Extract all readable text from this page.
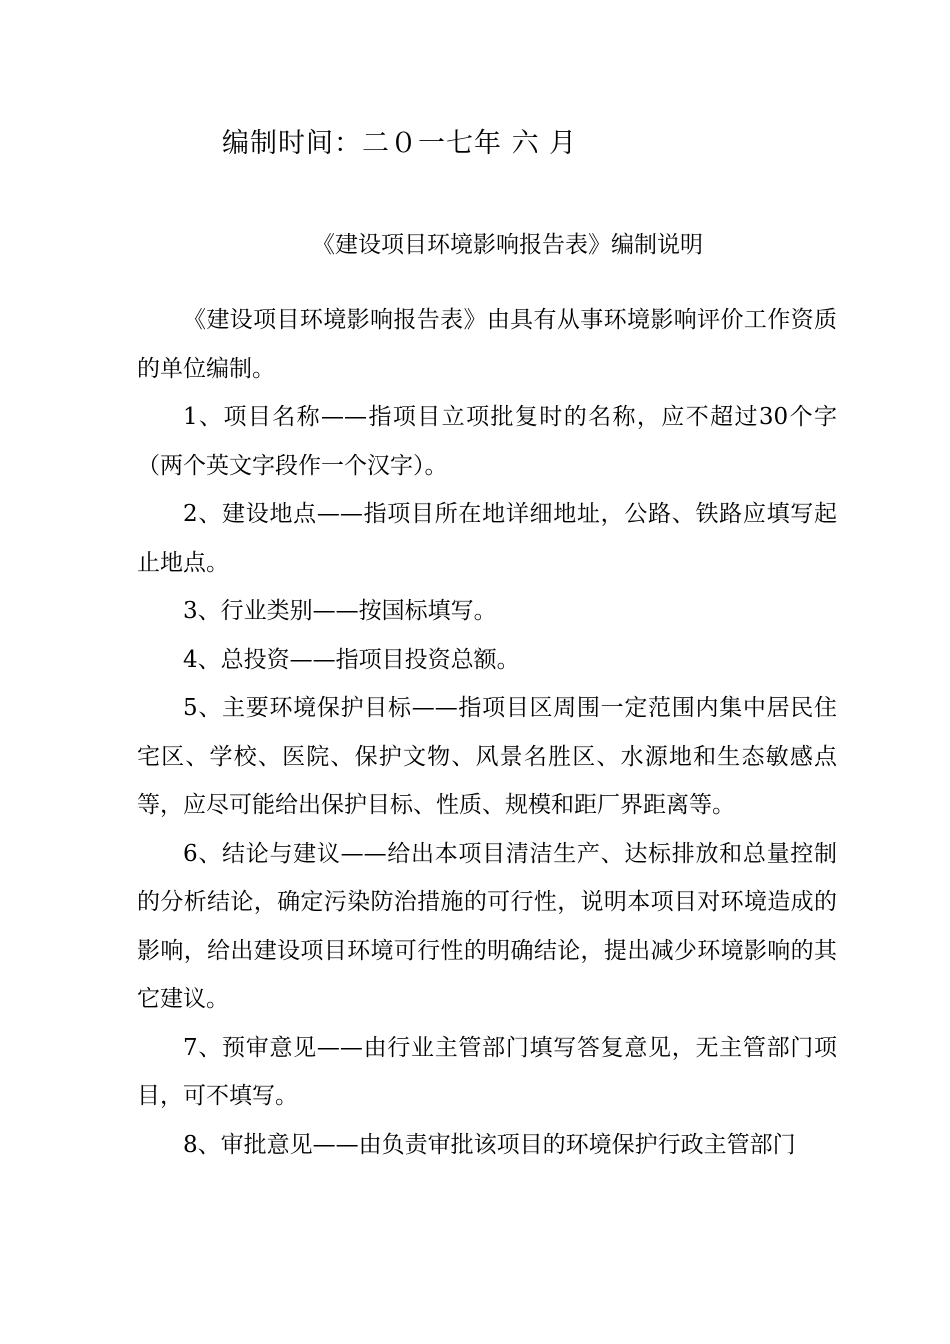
编制时间：二０一七年 六 月
《建设项目环境影响报告表》编制说明

《建设项目环境影响报告表》由具有从事环境影响评价工作资质的单位编制。

1、项目名称——指项目立项批复时的名称，应不超过30个字（两个英文字段作一个汉字）。

2、建设地点——指项目所在地详细地址，公路、铁路应填写起止地点。

3、行业类别——按国标填写。

4、总投资——指项目投资总额。

5、主要环境保护目标——指项目区周围一定范围内集中居民住宅区、学校、医院、保护文物、风景名胜区、水源地和生态敏感点等，应尽可能给出保护目标、性质、规模和距厂界距离等。

6、结论与建议——给出本项目清洁生产、达标排放和总量控制的分析结论，确定污染防治措施的可行性，说明本项目对环境造成的影响，给出建设项目环境可行性的明确结论，提出减少环境影响的其它建议。

7、预审意见——由行业主管部门填写答复意见，无主管部门项目，可不填写。

8、审批意见——由负责审批该项目的环境保护行政主管部门
